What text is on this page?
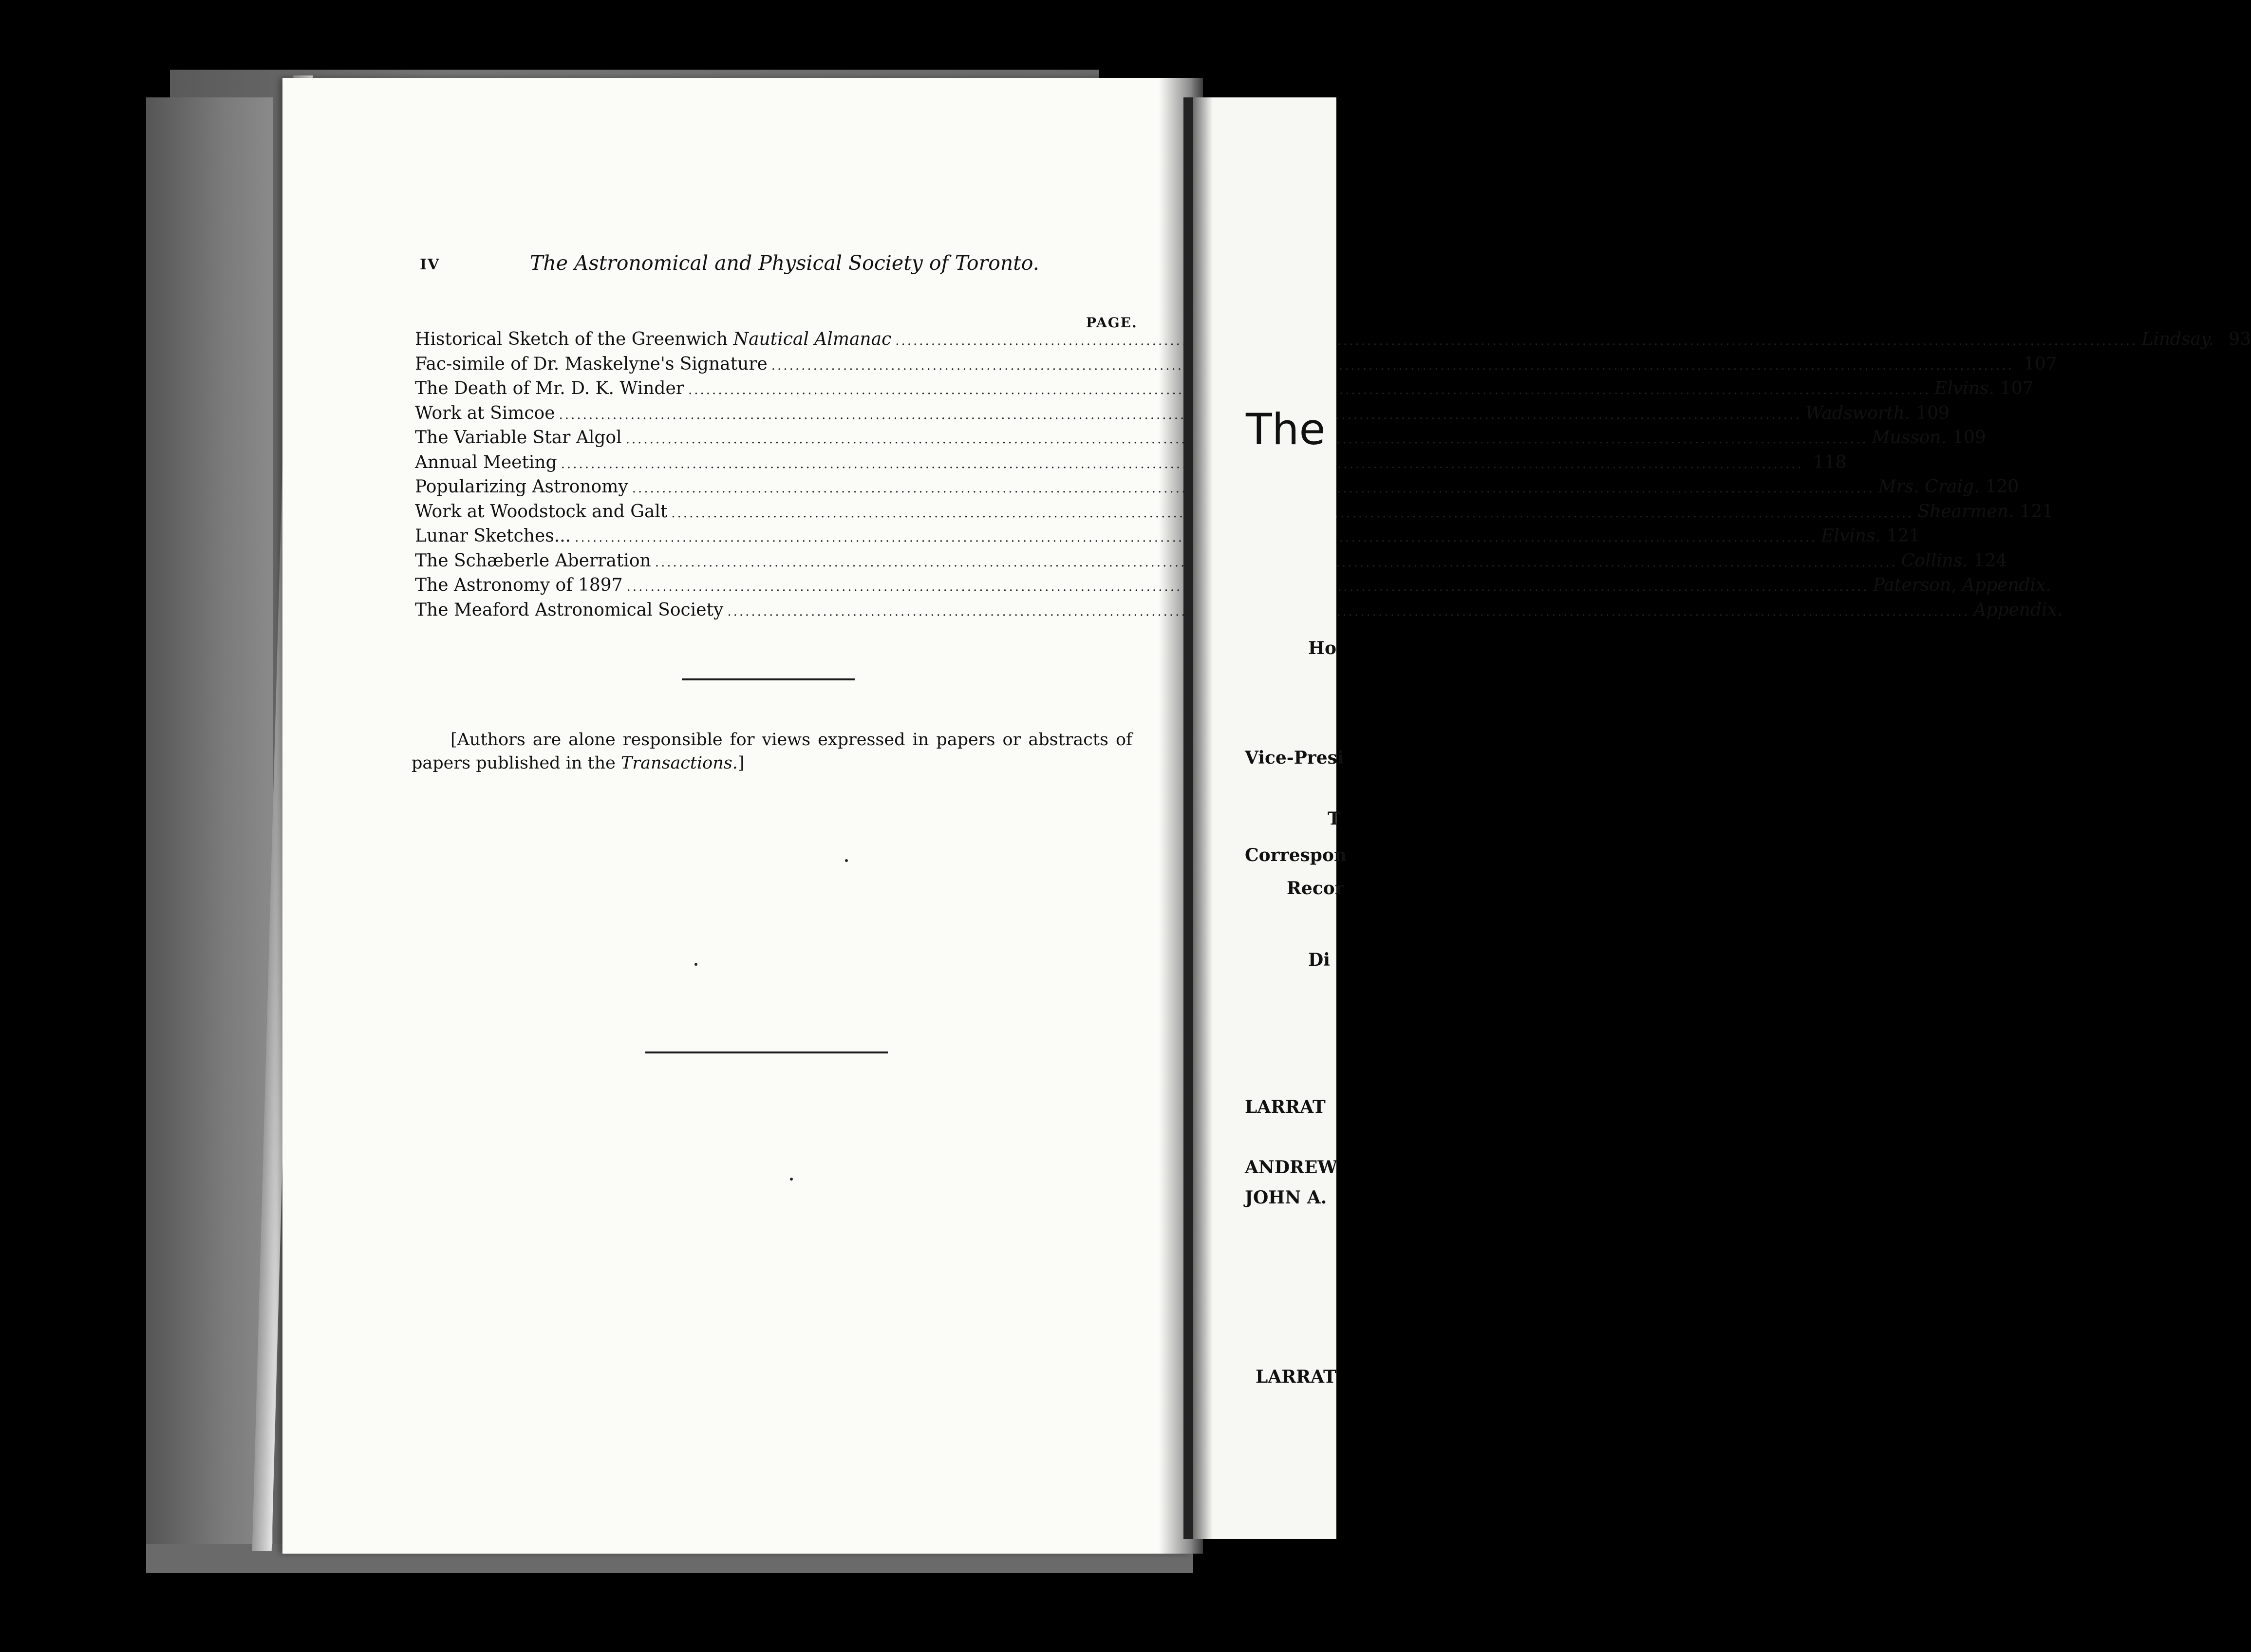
IV	The Astronomical and Physical Society of Toronto.
PAGE.
Historical Sketch of the Greenwich Nautical Almanac .....	Lindsay. 93
Fac-simile of Dr. Maskelyne's Signature .....	107
The Death of Mr. D. K. Winder .....	Elvins. 107
Work at Simcoe .....	Wadsworth. 109
The Variable Star Algol .....	Musson. 109
Annual Meeting .....	118
Popularizing Astronomy .....	Mrs. Craig. 120
Work at Woodstock and Galt .....	Shearmen. 121
Lunar Sketches... .....	Elvins. 121
The Schæberle Aberration .....	Collins. 124
The Astronomy of 1897 .....	Paterson, Appendix.
The Meaford Astronomical Society .....	Appendix.
[Authors are alone responsible for views expressed in papers or abstracts of papers published in the Transactions.]
The
Ho
Vice-Presi
T
Correspon
Recor
Di
LARRAT
ANDREW
JOHN A.
LARRAT
